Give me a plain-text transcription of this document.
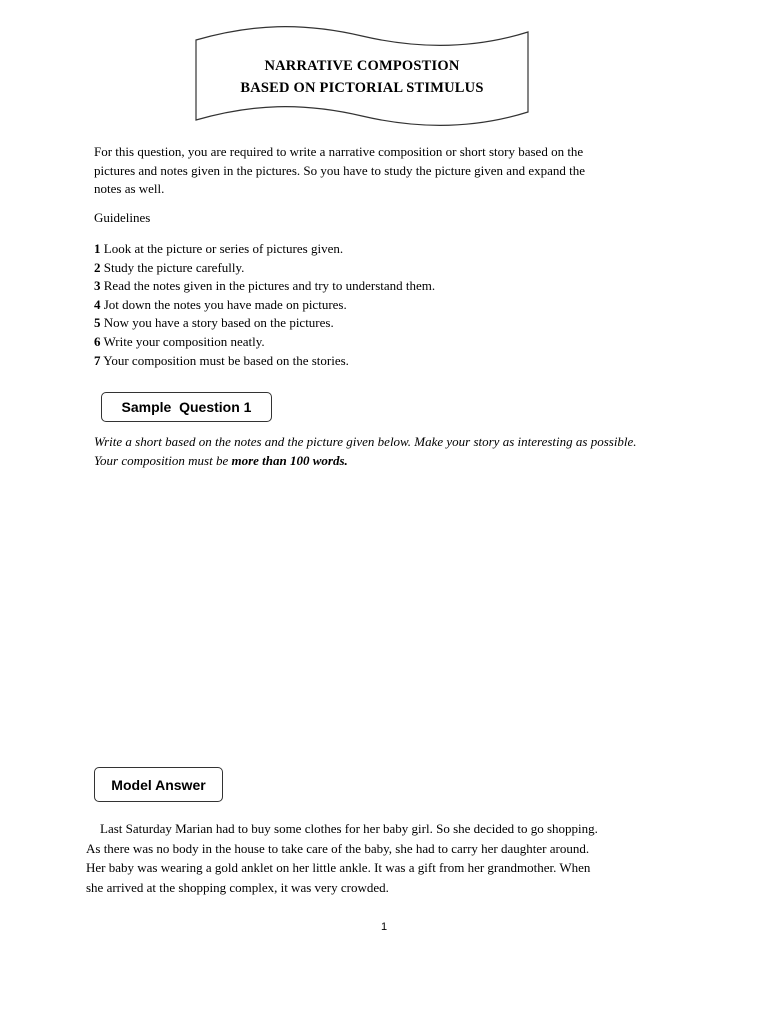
NARRATIVE COMPOSTION
BASED ON PICTORIAL STIMULUS
For this question, you are required to write a narrative composition or short story based on the
pictures and notes given in the pictures. So you have to study the picture given and expand the
notes as well.
Guidelines
1 Look at the picture or series of pictures given.
2 Study the picture carefully.
3 Read the notes given in the pictures and try to understand them.
4 Jot down the notes you have made on pictures.
5 Now you have a story based on the pictures.
6 Write your composition neatly.
7 Your composition must be based on the stories.
Sample  Question 1
Write a short based on the notes and the picture given below. Make your story as interesting as possible. Your composition must be more than 100 words.
Model Answer
Last Saturday Marian had to buy some clothes for her baby girl. So she decided to go shopping.
As there was no body in the house to take care of the baby, she had to carry her daughter around.
Her baby was wearing a gold anklet on her little ankle. It was a gift from her grandmother. When
she arrived at the shopping complex, it was very crowded.
1
